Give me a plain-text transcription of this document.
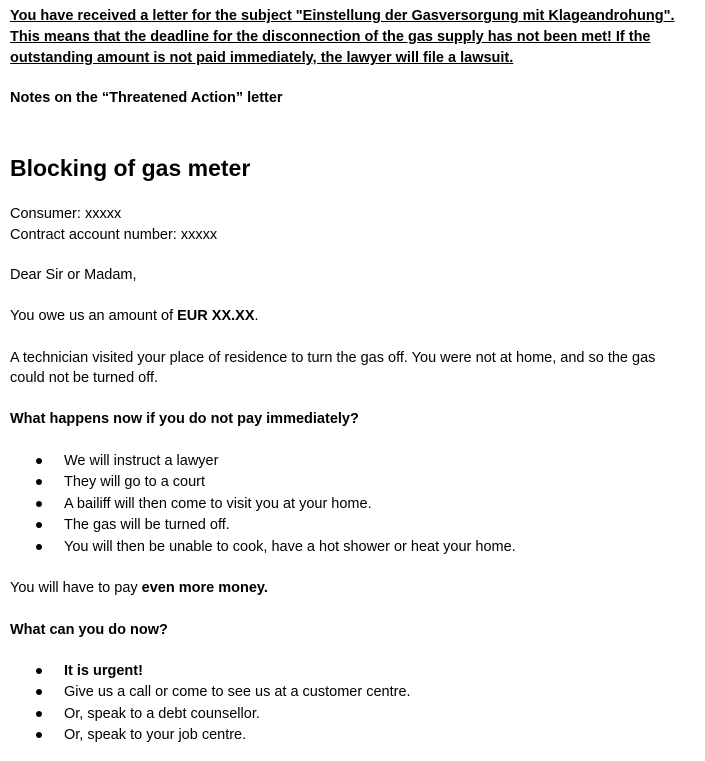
You have received a letter for the subject "Einstellung der Gasversorgung mit Klageandrohung".
This means that the deadline for the disconnection of the gas supply has not been met! If the
outstanding amount is not paid immediately, the lawyer will file a lawsuit.
Notes on the “Threatened Action” letter
Blocking of gas meter
Consumer: xxxxx
Contract account number: xxxxx
Dear Sir or Madam,
You owe us an amount of EUR XX.XX.
A technician visited your place of residence to turn the gas off. You were not at home, and so the gas
could not be turned off.
What happens now if you do not pay immediately?
We will instruct a lawyer
They will go to a court
A bailiff will then come to visit you at your home.
The gas will be turned off.
You will then be unable to cook, have a hot shower or heat your home.
You will have to pay even more money.
What can you do now?
It is urgent!
Give us a call or come to see us at a customer centre.
Or, speak to a debt counsellor.
Or, speak to your job centre.
